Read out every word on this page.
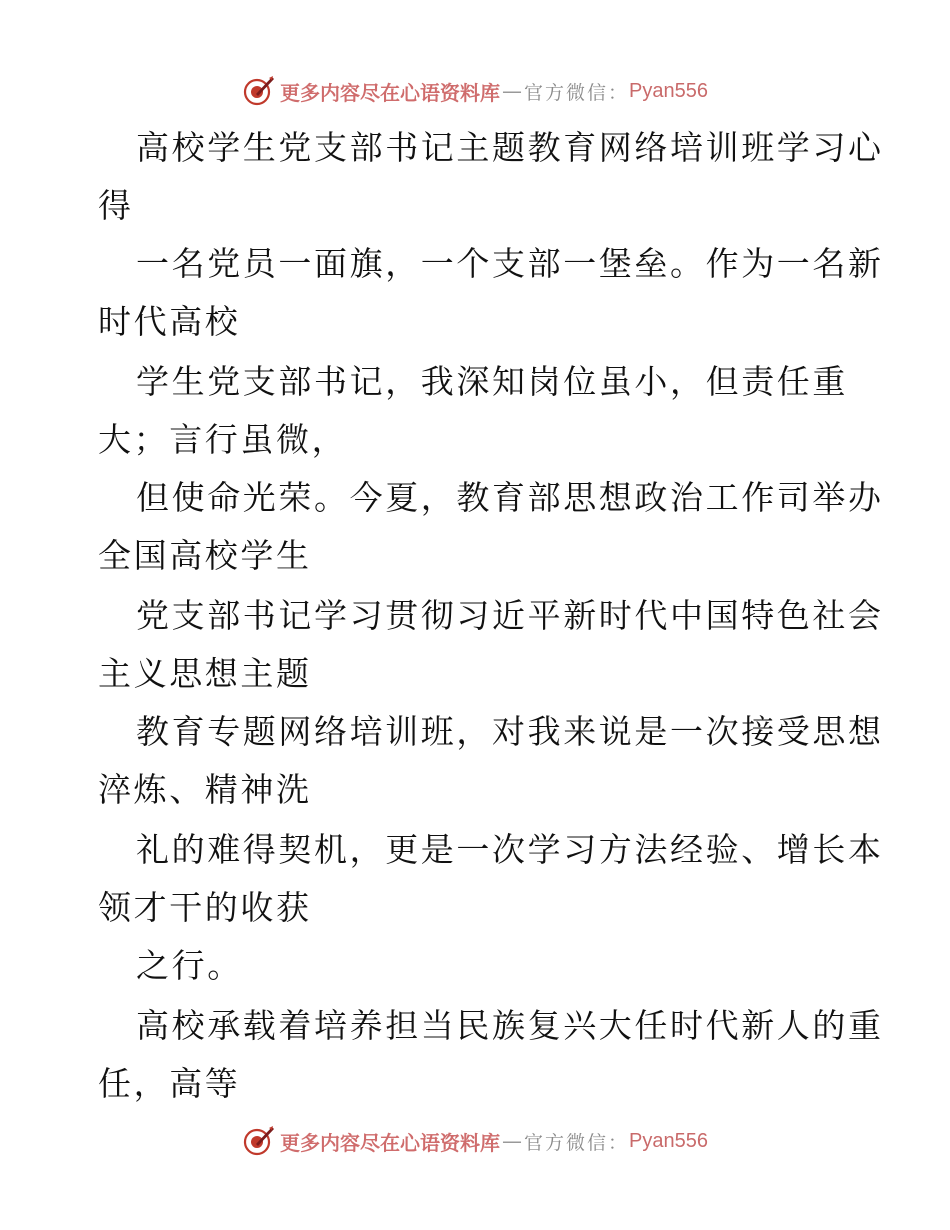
更多内容尽在心语资料库 — 官方微信： Pyan556
高校学生党支部书记主题教育网络培训班学习心
得
一名党员一面旗，一个支部一堡垒。作为一名新
时代高校
学生党支部书记，我深知岗位虽小，但责任重
大；言行虽微，
但使命光荣。今夏，教育部思想政治工作司举办
全国高校学生
党支部书记学习贯彻习近平新时代中国特色社会
主义思想主题
教育专题网络培训班，对我来说是一次接受思想
淬炼、精神洗
礼的难得契机，更是一次学习方法经验、增长本
领才干的收获
之行。
高校承载着培养担当民族复兴大任时代新人的重
任，高等
更多内容尽在心语资料库 — 官方微信： Pyan556
